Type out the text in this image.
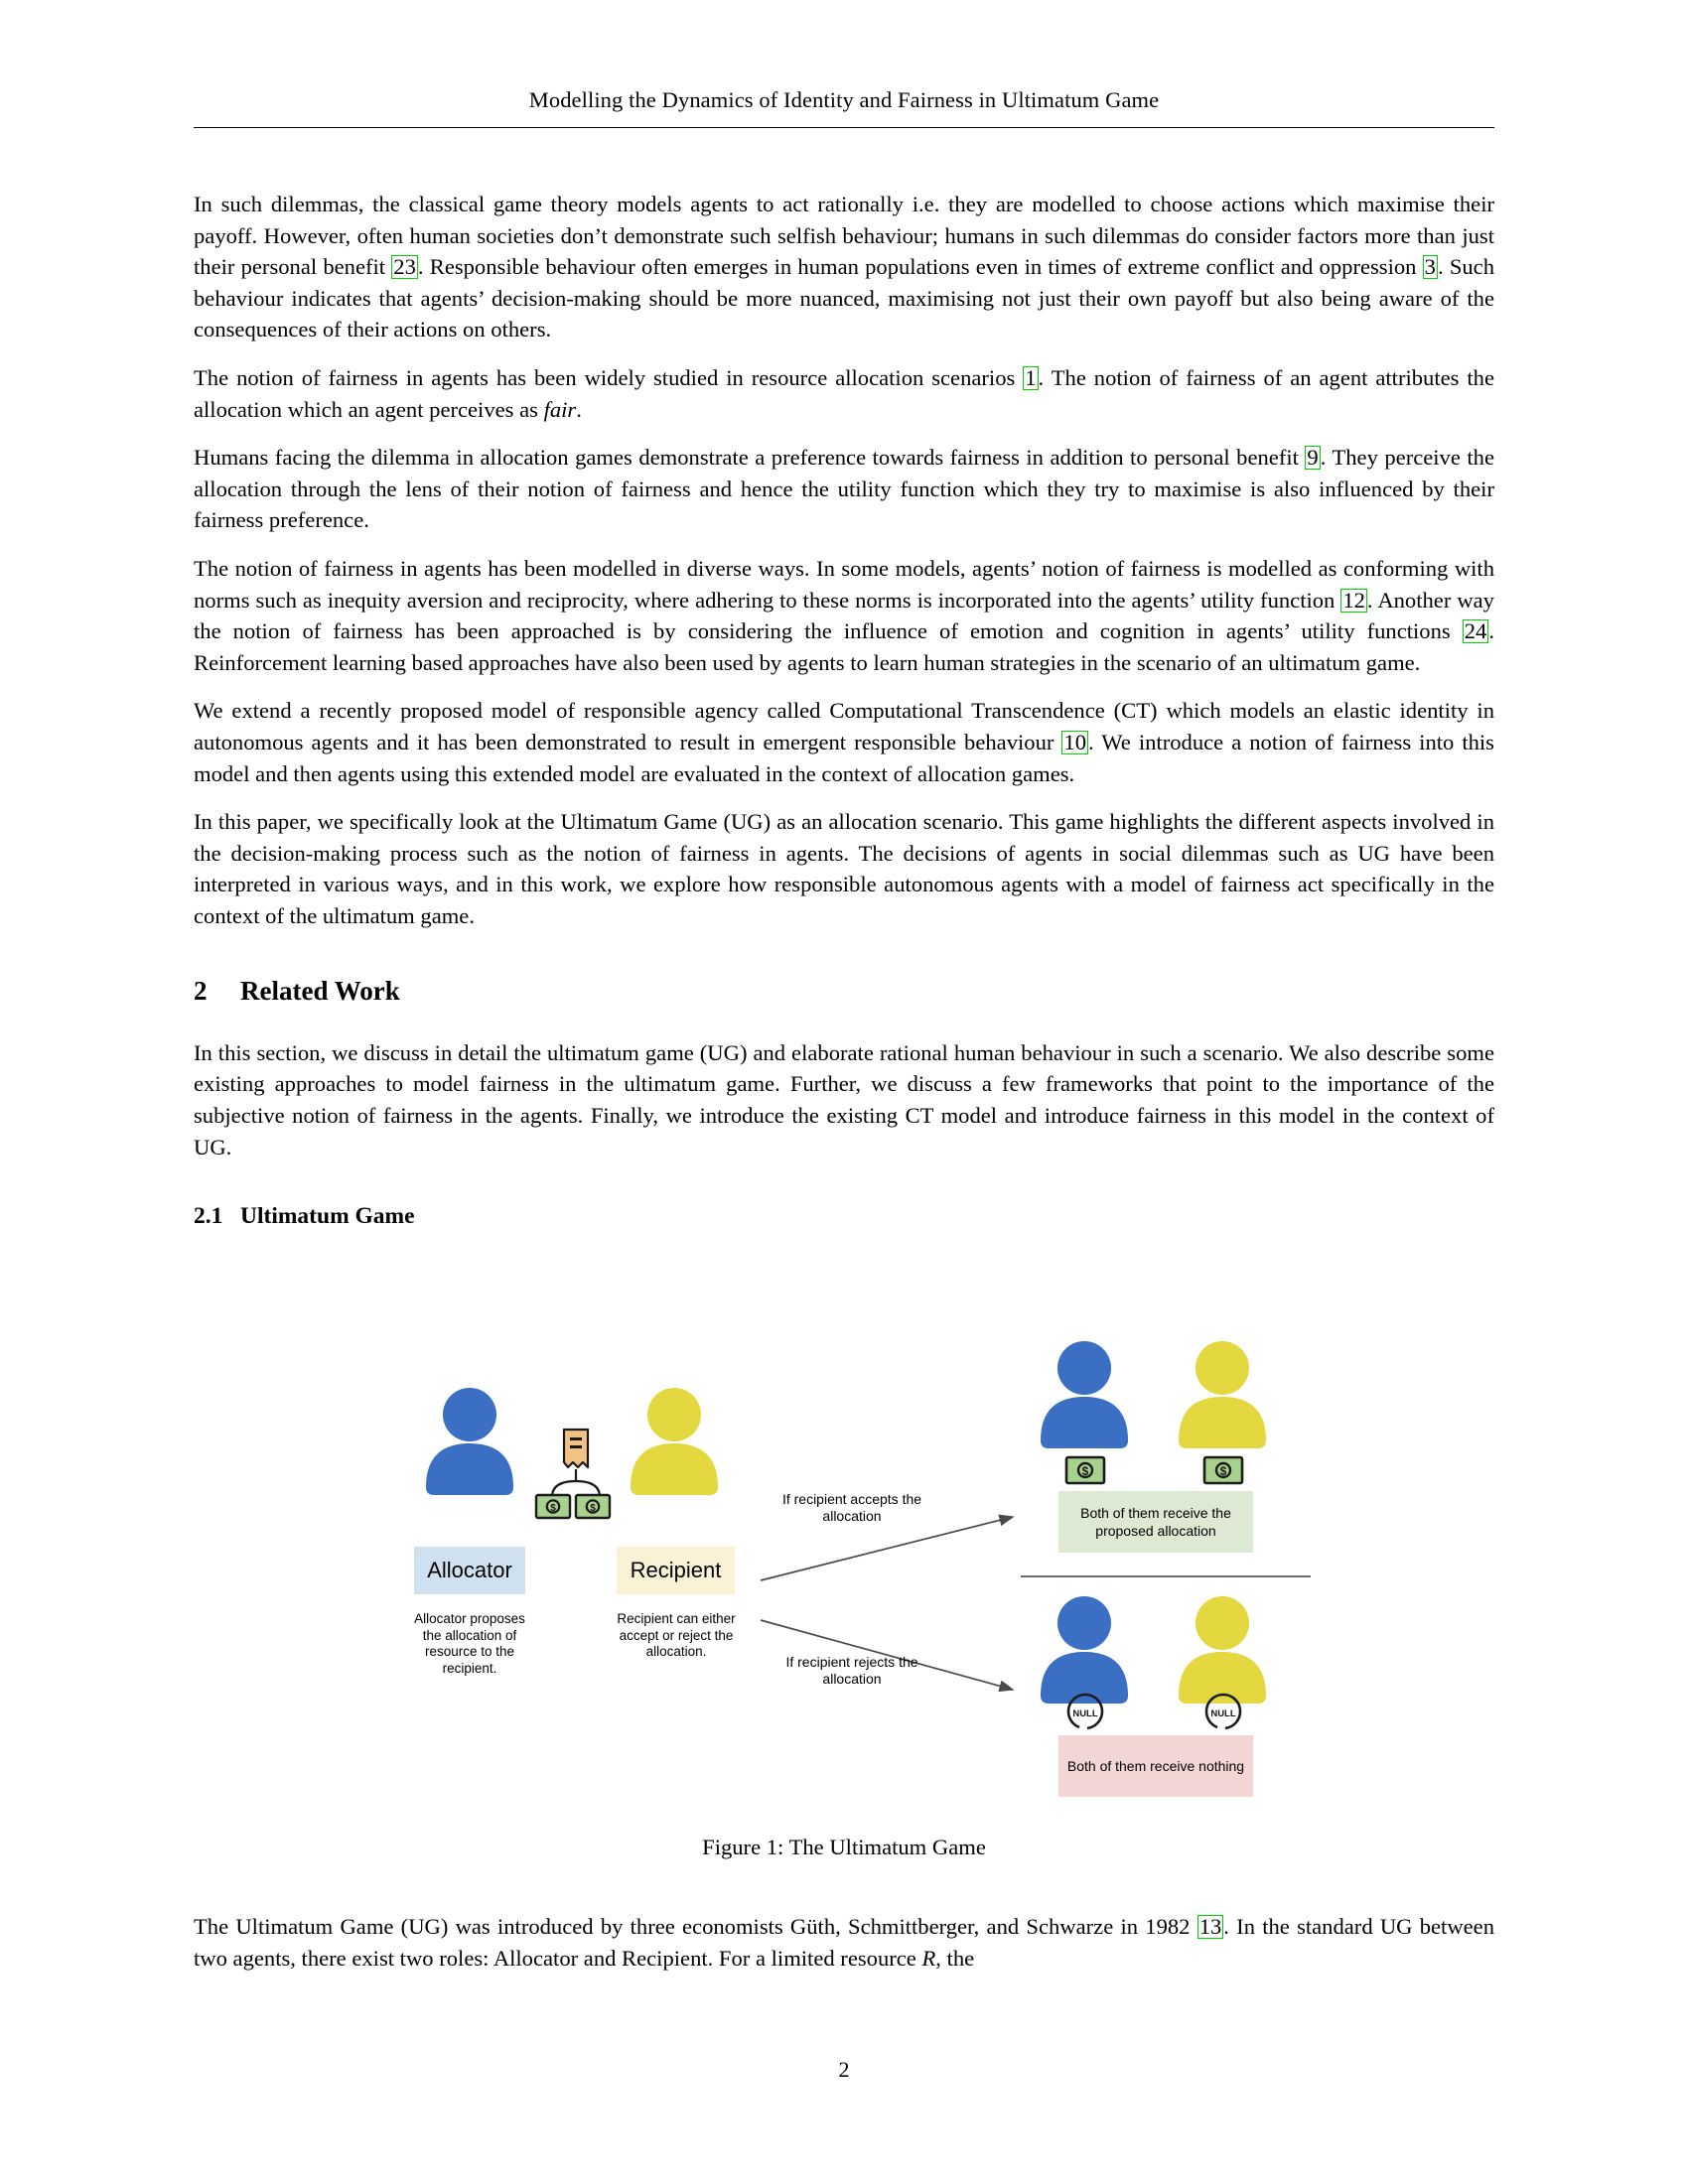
Modelling the Dynamics of Identity and Fairness in Ultimatum Game

In such dilemmas, the classical game theory models agents to act rationally i.e. they are modelled to choose actions which maximise their payoff. However, often human societies don’t demonstrate such selfish behaviour; humans in such dilemmas do consider factors more than just their personal benefit 23. Responsible behaviour often emerges in human populations even in times of extreme conflict and oppression 3. Such behaviour indicates that agents’ decision-making should be more nuanced, maximising not just their own payoff but also being aware of the consequences of their actions on others.

The notion of fairness in agents has been widely studied in resource allocation scenarios 1. The notion of fairness of an agent attributes the allocation which an agent perceives as fair.

Humans facing the dilemma in allocation games demonstrate a preference towards fairness in addition to personal benefit 9. They perceive the allocation through the lens of their notion of fairness and hence the utility function which they try to maximise is also influenced by their fairness preference.

The notion of fairness in agents has been modelled in diverse ways. In some models, agents’ notion of fairness is modelled as conforming with norms such as inequity aversion and reciprocity, where adhering to these norms is incorporated into the agents’ utility function 12. Another way the notion of fairness has been approached is by considering the influence of emotion and cognition in agents’ utility functions 24. Reinforcement learning based approaches have also been used by agents to learn human strategies in the scenario of an ultimatum game.

We extend a recently proposed model of responsible agency called Computational Transcendence (CT) which models an elastic identity in autonomous agents and it has been demonstrated to result in emergent responsible behaviour 10. We introduce a notion of fairness into this model and then agents using this extended model are evaluated in the context of allocation games.

In this paper, we specifically look at the Ultimatum Game (UG) as an allocation scenario. This game highlights the different aspects involved in the decision-making process such as the notion of fairness in agents. The decisions of agents in social dilemmas such as UG have been interpreted in various ways, and in this work, we explore how responsible autonomous agents with a model of fairness act specifically in the context of the ultimatum game.

2 Related Work

In this section, we discuss in detail the ultimatum game (UG) and elaborate rational human behaviour in such a scenario. We also describe some existing approaches to model fairness in the ultimatum game. Further, we discuss a few frameworks that point to the importance of the subjective notion of fairness in the agents. Finally, we introduce the existing CT model and introduce fairness in this model in the context of UG.

2.1 Ultimatum Game
$	$
$	$
NULL	NULL
Allocator	Recipient
Allocator proposes the allocation of resource to the recipient.
Recipient can either accept or reject the allocation.
If recipient accepts the allocation
If recipient rejects the allocation
Both of them receive the proposed allocation
Both of them receive nothing
Figure 1: The Ultimatum Game

The Ultimatum Game (UG) was introduced by three economists Güth, Schmittberger, and Schwarze in 1982 13. In the standard UG between two agents, there exist two roles: Allocator and Recipient. For a limited resource R, the

2
